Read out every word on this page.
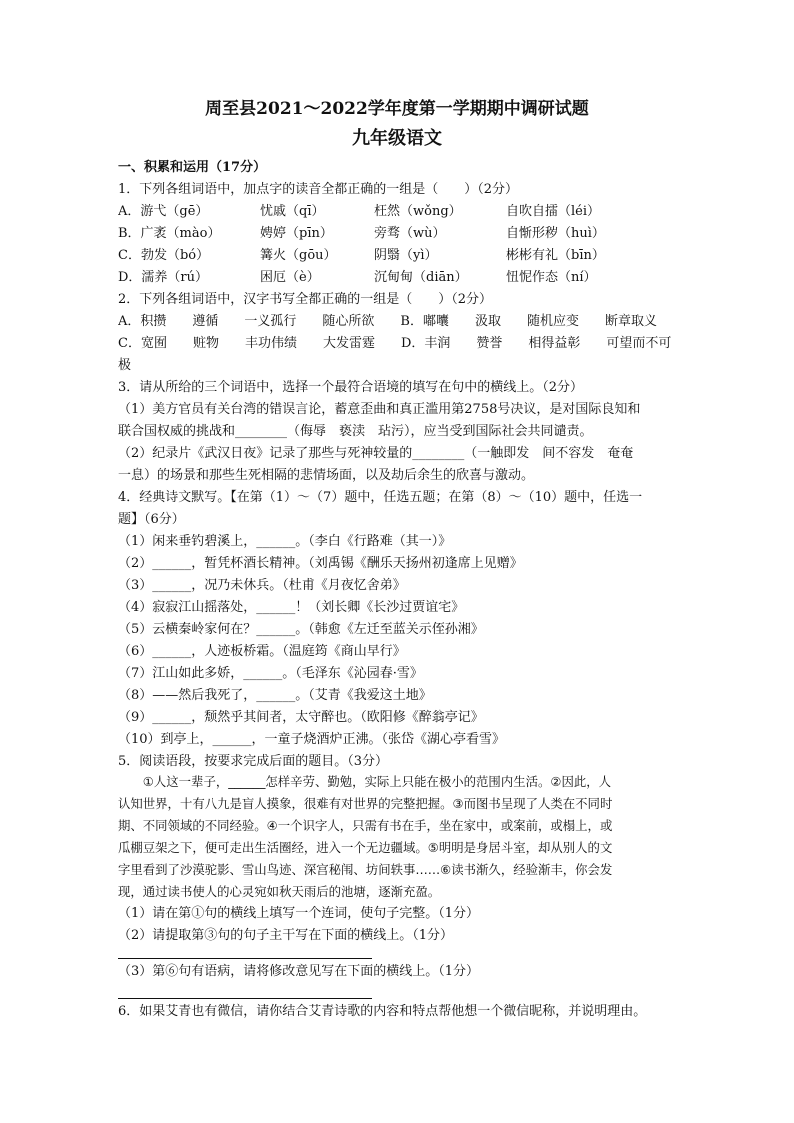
周至县2021～2022学年度第一学期期中调研试题
九年级语文
一、积累和运用（17分）
1．下列各组词语中，加点字的读音全都正确的一组是（　　）（2分）
A．游弋（gē）	忧戚（qī）	枉然（wǒng）	自吹自擂（léi）
B．广袤（mào）	娉婷（pīn）	旁骛（wù）	自惭形秽（huì）
C．勃发（bó）	篝火（gōu）	阴翳（yì）	彬彬有礼（bīn）
D．濡养（rú）	困厄（è）	沉甸甸（diān）	忸怩作态（ní）
2．下列各组词语中，汉字书写全都正确的一组是（　　）（2分）
A．积攒　　遵循　　一义孤行　　随心所欲　　B．嘟囔　　汲取　　随机应变　　断章取义
C．宽囿　　赃物　　丰功伟绩　　大发雷霆　　D．丰润　　赞誉　　相得益彰　　可望而不可
极
3．请从所给的三个词语中，选择一个最符合语境的填写在句中的横线上。（2分）
（1）美方官员有关台湾的错误言论，蓄意歪曲和真正滥用第2758号决议，是对国际良知和
联合国权威的挑战和________（侮辱　亵渎　玷污），应当受到国际社会共同谴责。
（2）纪录片《武汉日夜》记录了那些与死神较量的________（一触即发　间不容发　奄奄
一息）的场景和那些生死相隔的悲情场面，以及劫后余生的欣喜与激动。
4．经典诗文默写。【在第（1）～（7）题中，任选五题；在第（8）～（10）题中，任选一
题】（6分）
（1）闲来垂钓碧溪上，______。（李白《行路难（其一）》
（2）______，暂凭杯酒长精神。（刘禹锡《酬乐天扬州初逢席上见赠》
（3）______，况乃未休兵。（杜甫《月夜忆舍弟》
（4）寂寂江山摇落处，______！（刘长卿《长沙过贾谊宅》
（5）云横秦岭家何在？______。（韩愈《左迁至蓝关示侄孙湘》
（6）______，人迹板桥霜。（温庭筠《商山早行》
（7）江山如此多娇，______。（毛泽东《沁园春·雪》
（8）——然后我死了，______。（艾青《我爱这土地》
（9）______，颓然乎其间者，太守醉也。（欧阳修《醉翁亭记》
（10）到亭上，______，一童子烧酒炉正沸。（张岱《湖心亭看雪》
5．阅读语段，按要求完成后面的题目。（3分）
　　①人这一辈子，______怎样辛劳、勤勉，实际上只能在极小的范围内生活。②因此，人
认知世界，十有八九是盲人摸象，很难有对世界的完整把握。③而图书呈现了人类在不同时
期、不同领域的不同经验。④一个识字人，只需有书在手，坐在家中，或案前，或榻上，或
瓜棚豆架之下，便可走出生活圈经，进入一个无边疆域。⑤明明是身居斗室，却从别人的文
字里看到了沙漠驼影、雪山鸟迹、深宫秘闱、坊间轶事……⑥读书渐久，经验渐丰，你会发
现，通过读书使人的心灵宛如秋天雨后的池塘，逐渐充盈。
（1）请在第①句的横线上填写一个连词，使句子完整。（1分）
（2）请提取第③句的句子主干写在下面的横线上。（1分）
（3）第⑥句有语病，请将修改意见写在下面的横线上。（1分）
6．如果艾青也有微信，请你结合艾青诗歌的内容和特点帮他想一个微信昵称，并说明理由。
